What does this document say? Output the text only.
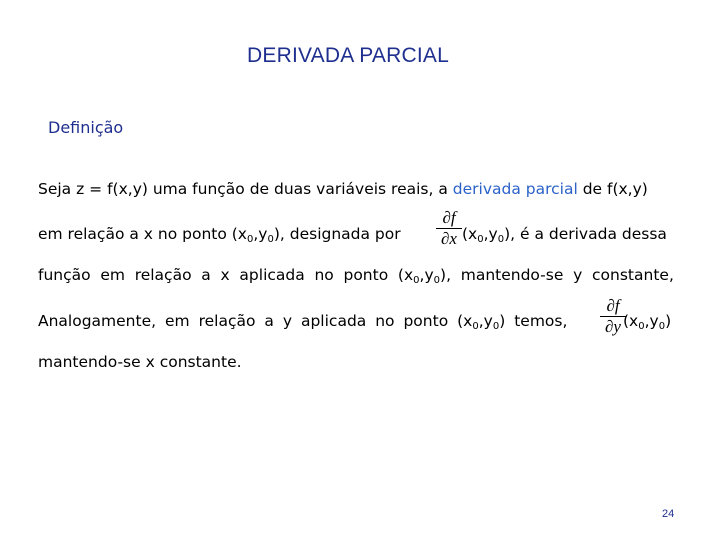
DERIVADA PARCIAL
Definição
Seja z = f(x,y) uma função de duas variáveis reais, a derivada parcial de f(x,y)
em relação a x no ponto $(x_0,y_0)$, designada por
∂f
∂x $(x_0,y_0)$, é a derivada dessa
função em relação a x aplicada no ponto $(x_0,y_0)$, mantendo-se y constante,
Analogamente, em relação a y aplicada no ponto $(x_0,y_0)$ temos,
∂f
∂y $(x_0,y_0)$
mantendo-se x constante.
24
